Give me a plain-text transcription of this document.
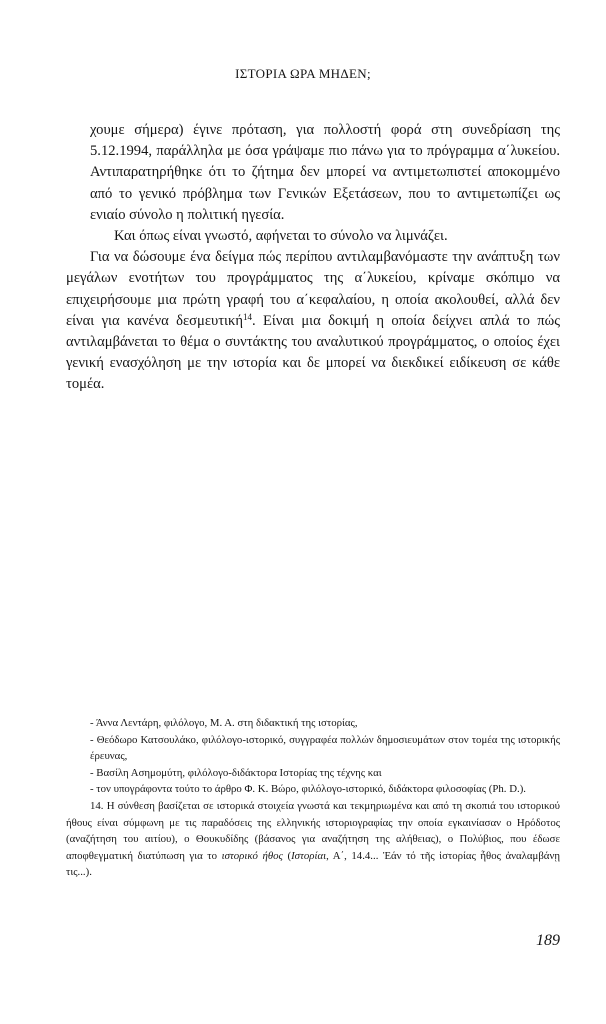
ΙΣΤΟΡΙΑ ΩΡΑ ΜΗΔΕΝ;

χουμε σήμερα) έγινε πρόταση, για πολλοστή φορά στη συνεδρίαση της 5.12.1994, παράλληλα με όσα γράψαμε πιο πάνω για το πρόγραμμα α΄λυκείου. Αντιπαρατηρήθηκε ότι το ζήτημα δεν μπορεί να αντιμετωπιστεί αποκομμένο από το γενικό πρόβλημα των Γενικών Εξετάσεων, που το αντιμετωπίζει ως ενιαίο σύνολο η πολιτική ηγεσία.

Και όπως είναι γνωστό, αφήνεται το σύνολο να λιμνάζει.

Για να δώσουμε ένα δείγμα πώς περίπου αντιλαμβανόμαστε την ανάπτυξη των μεγάλων ενοτήτων του προγράμματος της α΄λυκείου, κρίναμε σκόπιμο να επιχειρήσουμε μια πρώτη γραφή του α΄κεφαλαίου, η οποία ακολουθεί, αλλά δεν είναι για κανένα δεσμευτική$^{14}$. Είναι μια δοκιμή η οποία δείχνει απλά το πώς αντιλαμβάνεται το θέμα ο συντάκτης του αναλυτικού προγράμματος, ο οποίος έχει γενική ενασχόληση με την ιστορία και δε μπορεί να διεκδικεί ειδίκευση σε κάθε τομέα.

- Άννα Λεντάρη, φιλόλογο, Μ. Α. στη διδακτική της ιστορίας,

- Θεόδωρο Κατσουλάκο, φιλόλογο-ιστορικό, συγγραφέα πολλών δημοσιευμάτων στον τομέα της ιστορικής έρευνας,

- Βασίλη Ασημομύτη, φιλόλογο-διδάκτορα Ιστορίας της τέχνης και

- τον υπογράφοντα τούτο το άρθρο Φ. Κ. Βώρο, φιλόλογο-ιστορικό, διδάκτορα φιλοσοφίας (Ph. D.).

14. Η σύνθεση βασίζεται σε ιστορικά στοιχεία γνωστά και τεκμηριωμένα και από τη σκοπιά του ιστορικού ήθους είναι σύμφωνη με τις παραδόσεις της ελληνικής ιστοριογραφίας την οποία εγκαινίασαν ο Ηρόδοτος (αναζήτηση του αιτίου), ο Θουκυδίδης (βάσανος για αναζήτηση της αλήθειας), ο Πολύβιος, που έδωσε αποφθεγματική διατύπωση για το ιστορικό ήθος (Ιστορίαι, Α΄, 14.4... Ἐάν τό τῆς ἱστορίας ἦθος ἀναλαμβάνῃ τις...).

189
